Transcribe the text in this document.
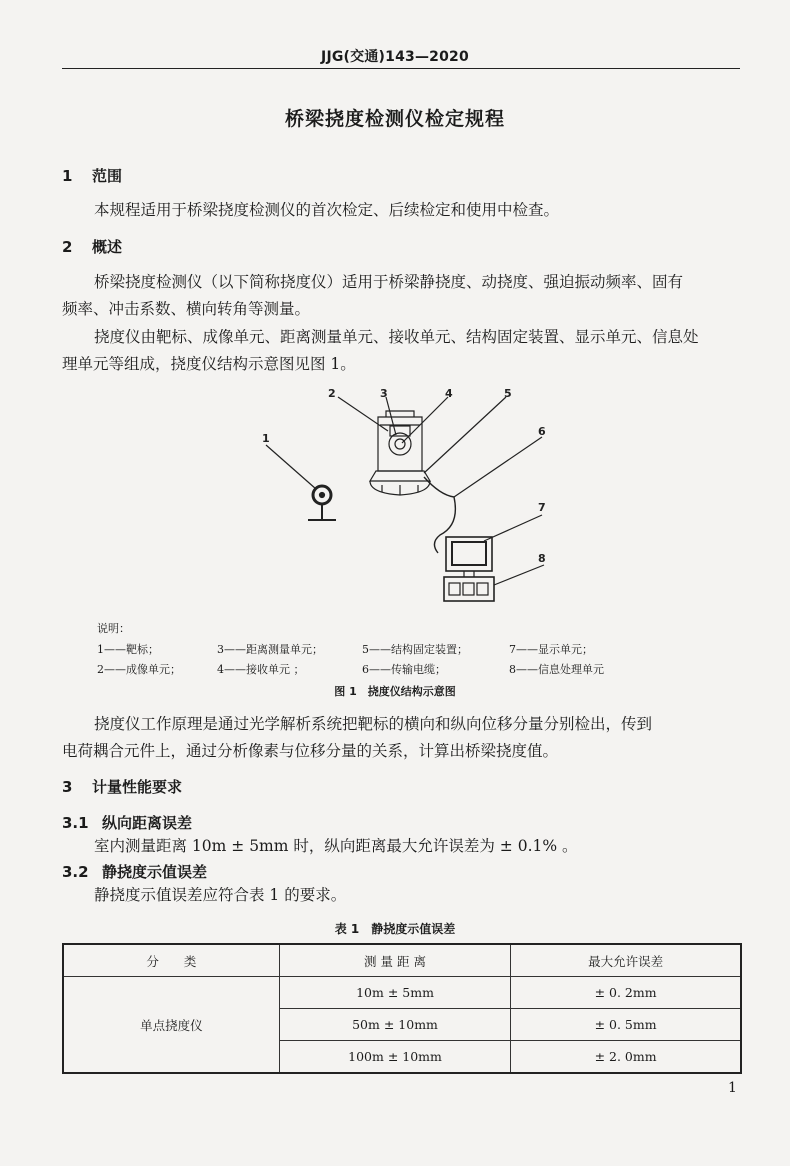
JJG(交通)143—2020
桥梁挠度检测仪检定规程
1 范围
本规程适用于桥梁挠度检测仪的首次检定、后续检定和使用中检查。
2 概述
桥梁挠度检测仪（以下简称挠度仪）适用于桥梁静挠度、动挠度、强迫振动频率、固有
频率、冲击系数、横向转角等测量。
挠度仪由靶标、成像单元、距离测量单元、接收单元、结构固定装置、显示单元、信息处
理单元等组成，挠度仪结构示意图见图 1。
1
2	3	4	5
6
7
8
说明：
1——靶标；	3——距离测量单元；	5——结构固定装置；	7——显示单元；
2——成像单元；	4——接收单元 ；	6——传输电缆；	8——信息处理单元
图 1　挠度仪结构示意图
挠度仪工作原理是通过光学解析系统把靶标的横向和纵向位移分量分别检出，传到
电荷耦合元件上，通过分析像素与位移分量的关系，计算出桥梁挠度值。
3 计量性能要求
3.1 纵向距离误差
室内测量距离 10m ± 5mm 时，纵向距离最大允许误差为 ± 0.1% 。
3.2 静挠度示值误差
静挠度示值误差应符合表 1 的要求。
表 1　静挠度示值误差
分　　类	测 量 距 离	最大允许误差
单点挠度仪	10m ± 5mm	± 0. 2mm
	50m ± 10mm	± 0. 5mm
	100m ± 10mm	± 2. 0mm
1
